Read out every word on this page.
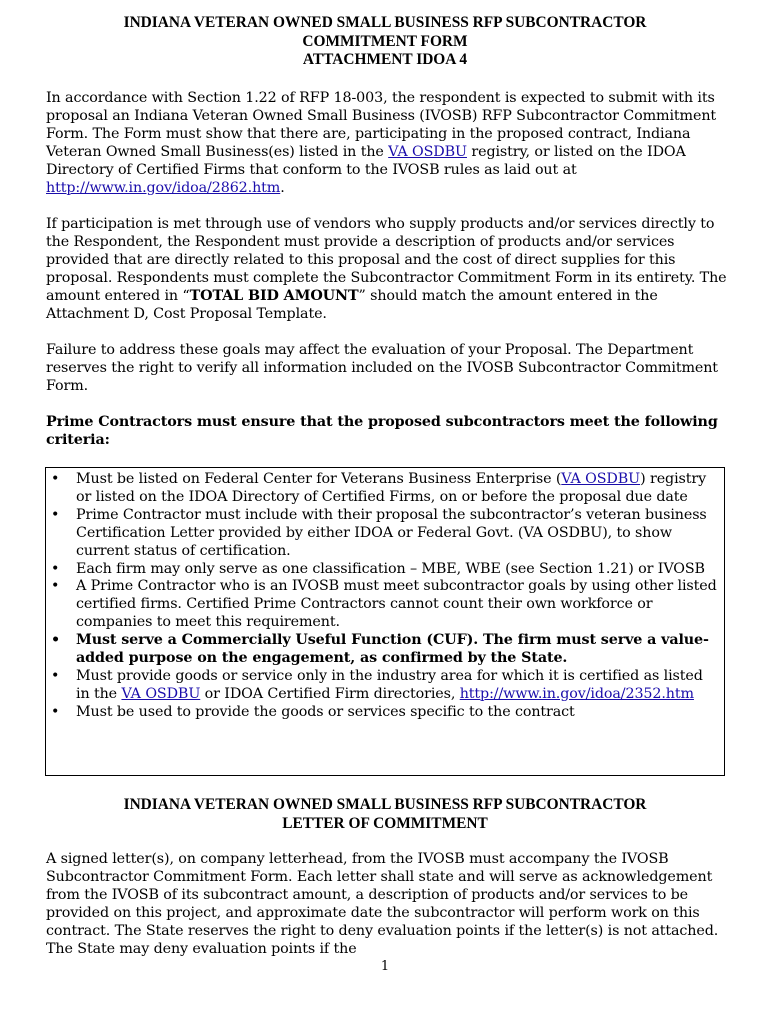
INDIANA VETERAN OWNED SMALL BUSINESS RFP SUBCONTRACTOR
COMMITMENT FORM
ATTACHMENT IDOA 4
In accordance with Section 1.22 of RFP 18-003, the respondent is expected to submit with its proposal an Indiana Veteran Owned Small Business (IVOSB) RFP Subcontractor Commitment Form. The Form must show that there are, participating in the proposed contract, Indiana Veteran Owned Small Business(es) listed in the VA OSDBU registry, or listed on the IDOA Directory of Certified Firms that conform to the IVOSB rules as laid out at http://www.in.gov/idoa/2862.htm.
If participation is met through use of vendors who supply products and/or services directly to the Respondent, the Respondent must provide a description of products and/or services provided that are directly related to this proposal and the cost of direct supplies for this proposal. Respondents must complete the Subcontractor Commitment Form in its entirety. The amount entered in “TOTAL BID AMOUNT” should match the amount entered in the Attachment D, Cost Proposal Template.
Failure to address these goals may affect the evaluation of your Proposal. The Department reserves the right to verify all information included on the IVOSB Subcontractor Commitment Form.
Prime Contractors must ensure that the proposed subcontractors meet the following criteria:
• Must be listed on Federal Center for Veterans Business Enterprise (VA OSDBU) registry or listed on the IDOA Directory of Certified Firms, on or before the proposal due date
• Prime Contractor must include with their proposal the subcontractor’s veteran business Certification Letter provided by either IDOA or Federal Govt. (VA OSDBU), to show current status of certification.
• Each firm may only serve as one classification – MBE, WBE (see Section 1.21) or IVOSB
• A Prime Contractor who is an IVOSB must meet subcontractor goals by using other listed certified firms. Certified Prime Contractors cannot count their own workforce or companies to meet this requirement.
• Must serve a Commercially Useful Function (CUF). The firm must serve a value-added purpose on the engagement, as confirmed by the State.
• Must provide goods or service only in the industry area for which it is certified as listed in the VA OSDBU or IDOA Certified Firm directories, http://www.in.gov/idoa/2352.htm
• Must be used to provide the goods or services specific to the contract
INDIANA VETERAN OWNED SMALL BUSINESS RFP SUBCONTRACTOR
LETTER OF COMMITMENT
A signed letter(s), on company letterhead, from the IVOSB must accompany the IVOSB Subcontractor Commitment Form. Each letter shall state and will serve as acknowledgement from the IVOSB of its subcontract amount, a description of products and/or services to be provided on this project, and approximate date the subcontractor will perform work on this contract. The State reserves the right to deny evaluation points if the letter(s) is not attached. The State may deny evaluation points if the
1
